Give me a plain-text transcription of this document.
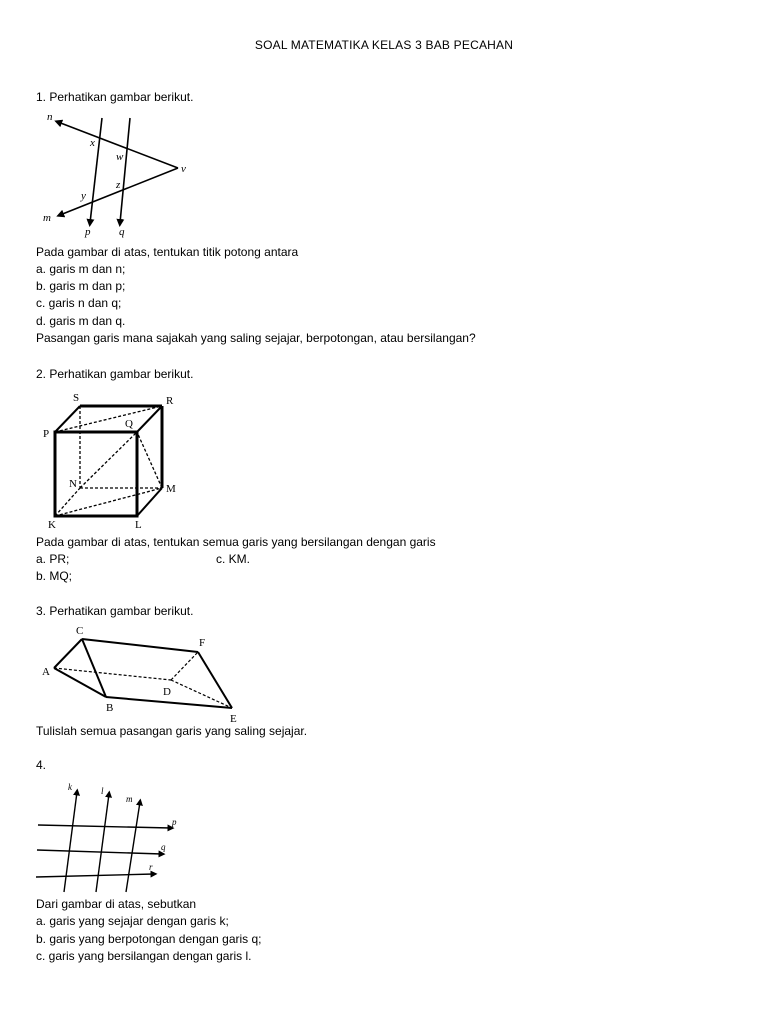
SOAL MATEMATIKA KELAS 3 BAB PECAHAN
1. Perhatikan gambar berikut.
n
m
x
y
w
z
v
p	q
Pada gambar di atas, tentukan titik potong antara
a. garis m dan n;
b. garis m dan p;
c. garis n dan q;
d. garis m dan q.
Pasangan garis mana sajakah yang saling sejajar, berpotongan, atau bersilangan?
2. Perhatikan gambar berikut.
S	R
P
Q
N	M
K	L
Pada gambar di atas, tentukan semua garis yang bersilangan dengan garis
a. PR;	c. KM.
b. MQ;
3. Perhatikan gambar berikut.
C
F
A
D
B
E
Tulislah semua pasangan garis yang saling sejajar.
4.
k	l
m
p
q
r
Dari gambar di atas, sebutkan
a. garis yang sejajar dengan garis k;
b. garis yang berpotongan dengan garis q;
c. garis yang bersilangan dengan garis l.
